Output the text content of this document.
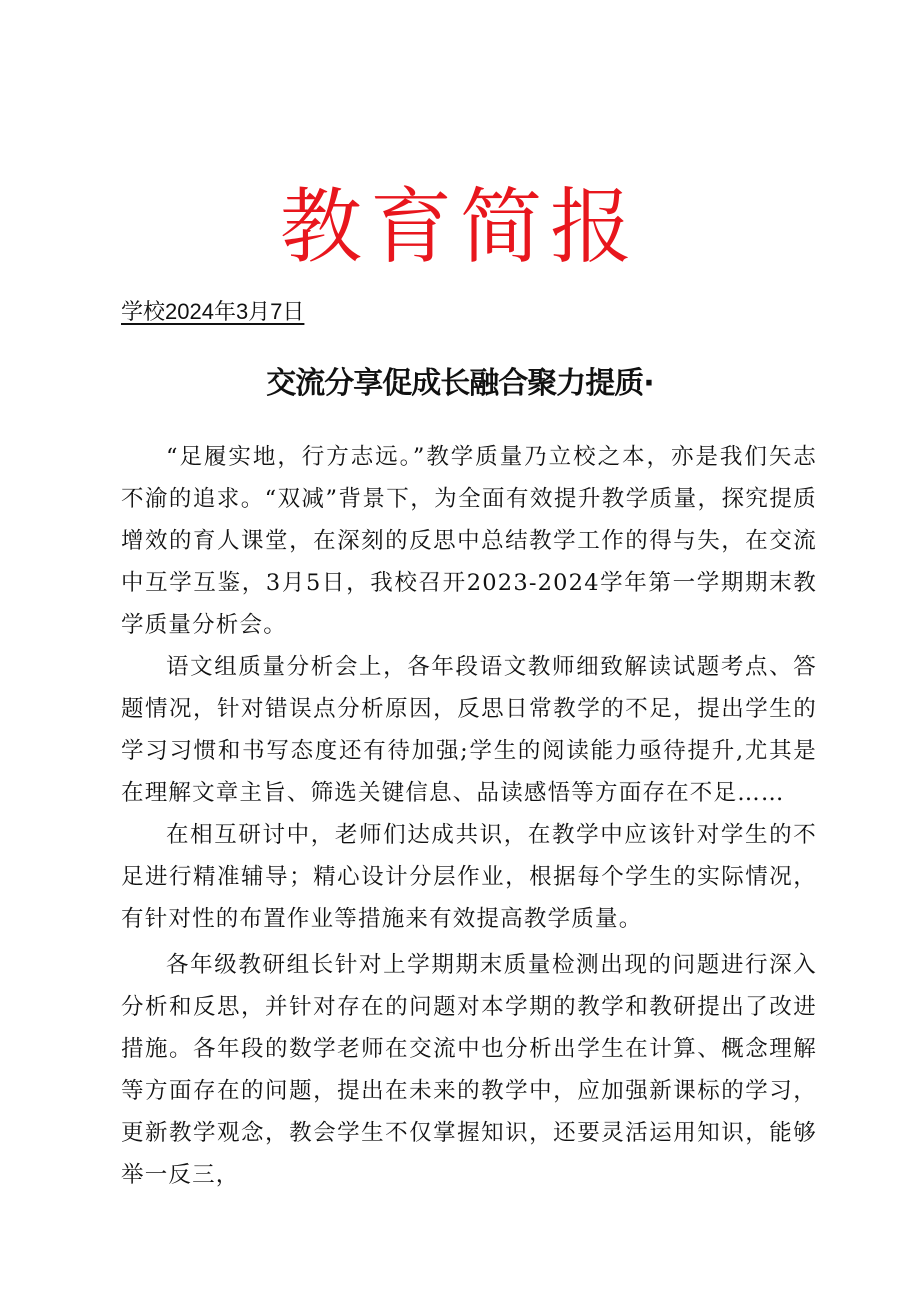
教育简报
学校2024年3月7日
交流分享促成长融合聚力提质·

“足履实地，行方志远。”教学质量乃立校之本，亦是我们矢志不渝的追求。“双减”背景下，为全面有效提升教学质量，探究提质增效的育人课堂，在深刻的反思中总结教学工作的得与失，在交流中互学互鉴，3月5日，我校召开2023-2024学年第一学期期末教学质量分析会。

语文组质量分析会上，各年段语文教师细致解读试题考点、答题情况，针对错误点分析原因，反思日常教学的不足，提出学生的学习习惯和书写态度还有待加强;学生的阅读能力亟待提升,尤其是在理解文章主旨、筛选关键信息、品读感悟等方面存在不足……

在相互研讨中，老师们达成共识，在教学中应该针对学生的不足进行精准辅导；精心设计分层作业，根据每个学生的实际情况，有针对性的布置作业等措施来有效提高教学质量。

各年级教研组长针对上学期期末质量检测出现的问题进行深入分析和反思，并针对存在的问题对本学期的教学和教研提出了改进措施。各年段的数学老师在交流中也分析出学生在计算、概念理解等方面存在的问题，提出在未来的教学中，应加强新课标的学习，更新教学观念，教会学生不仅掌握知识，还要灵活运用知识，能够举一反三，
